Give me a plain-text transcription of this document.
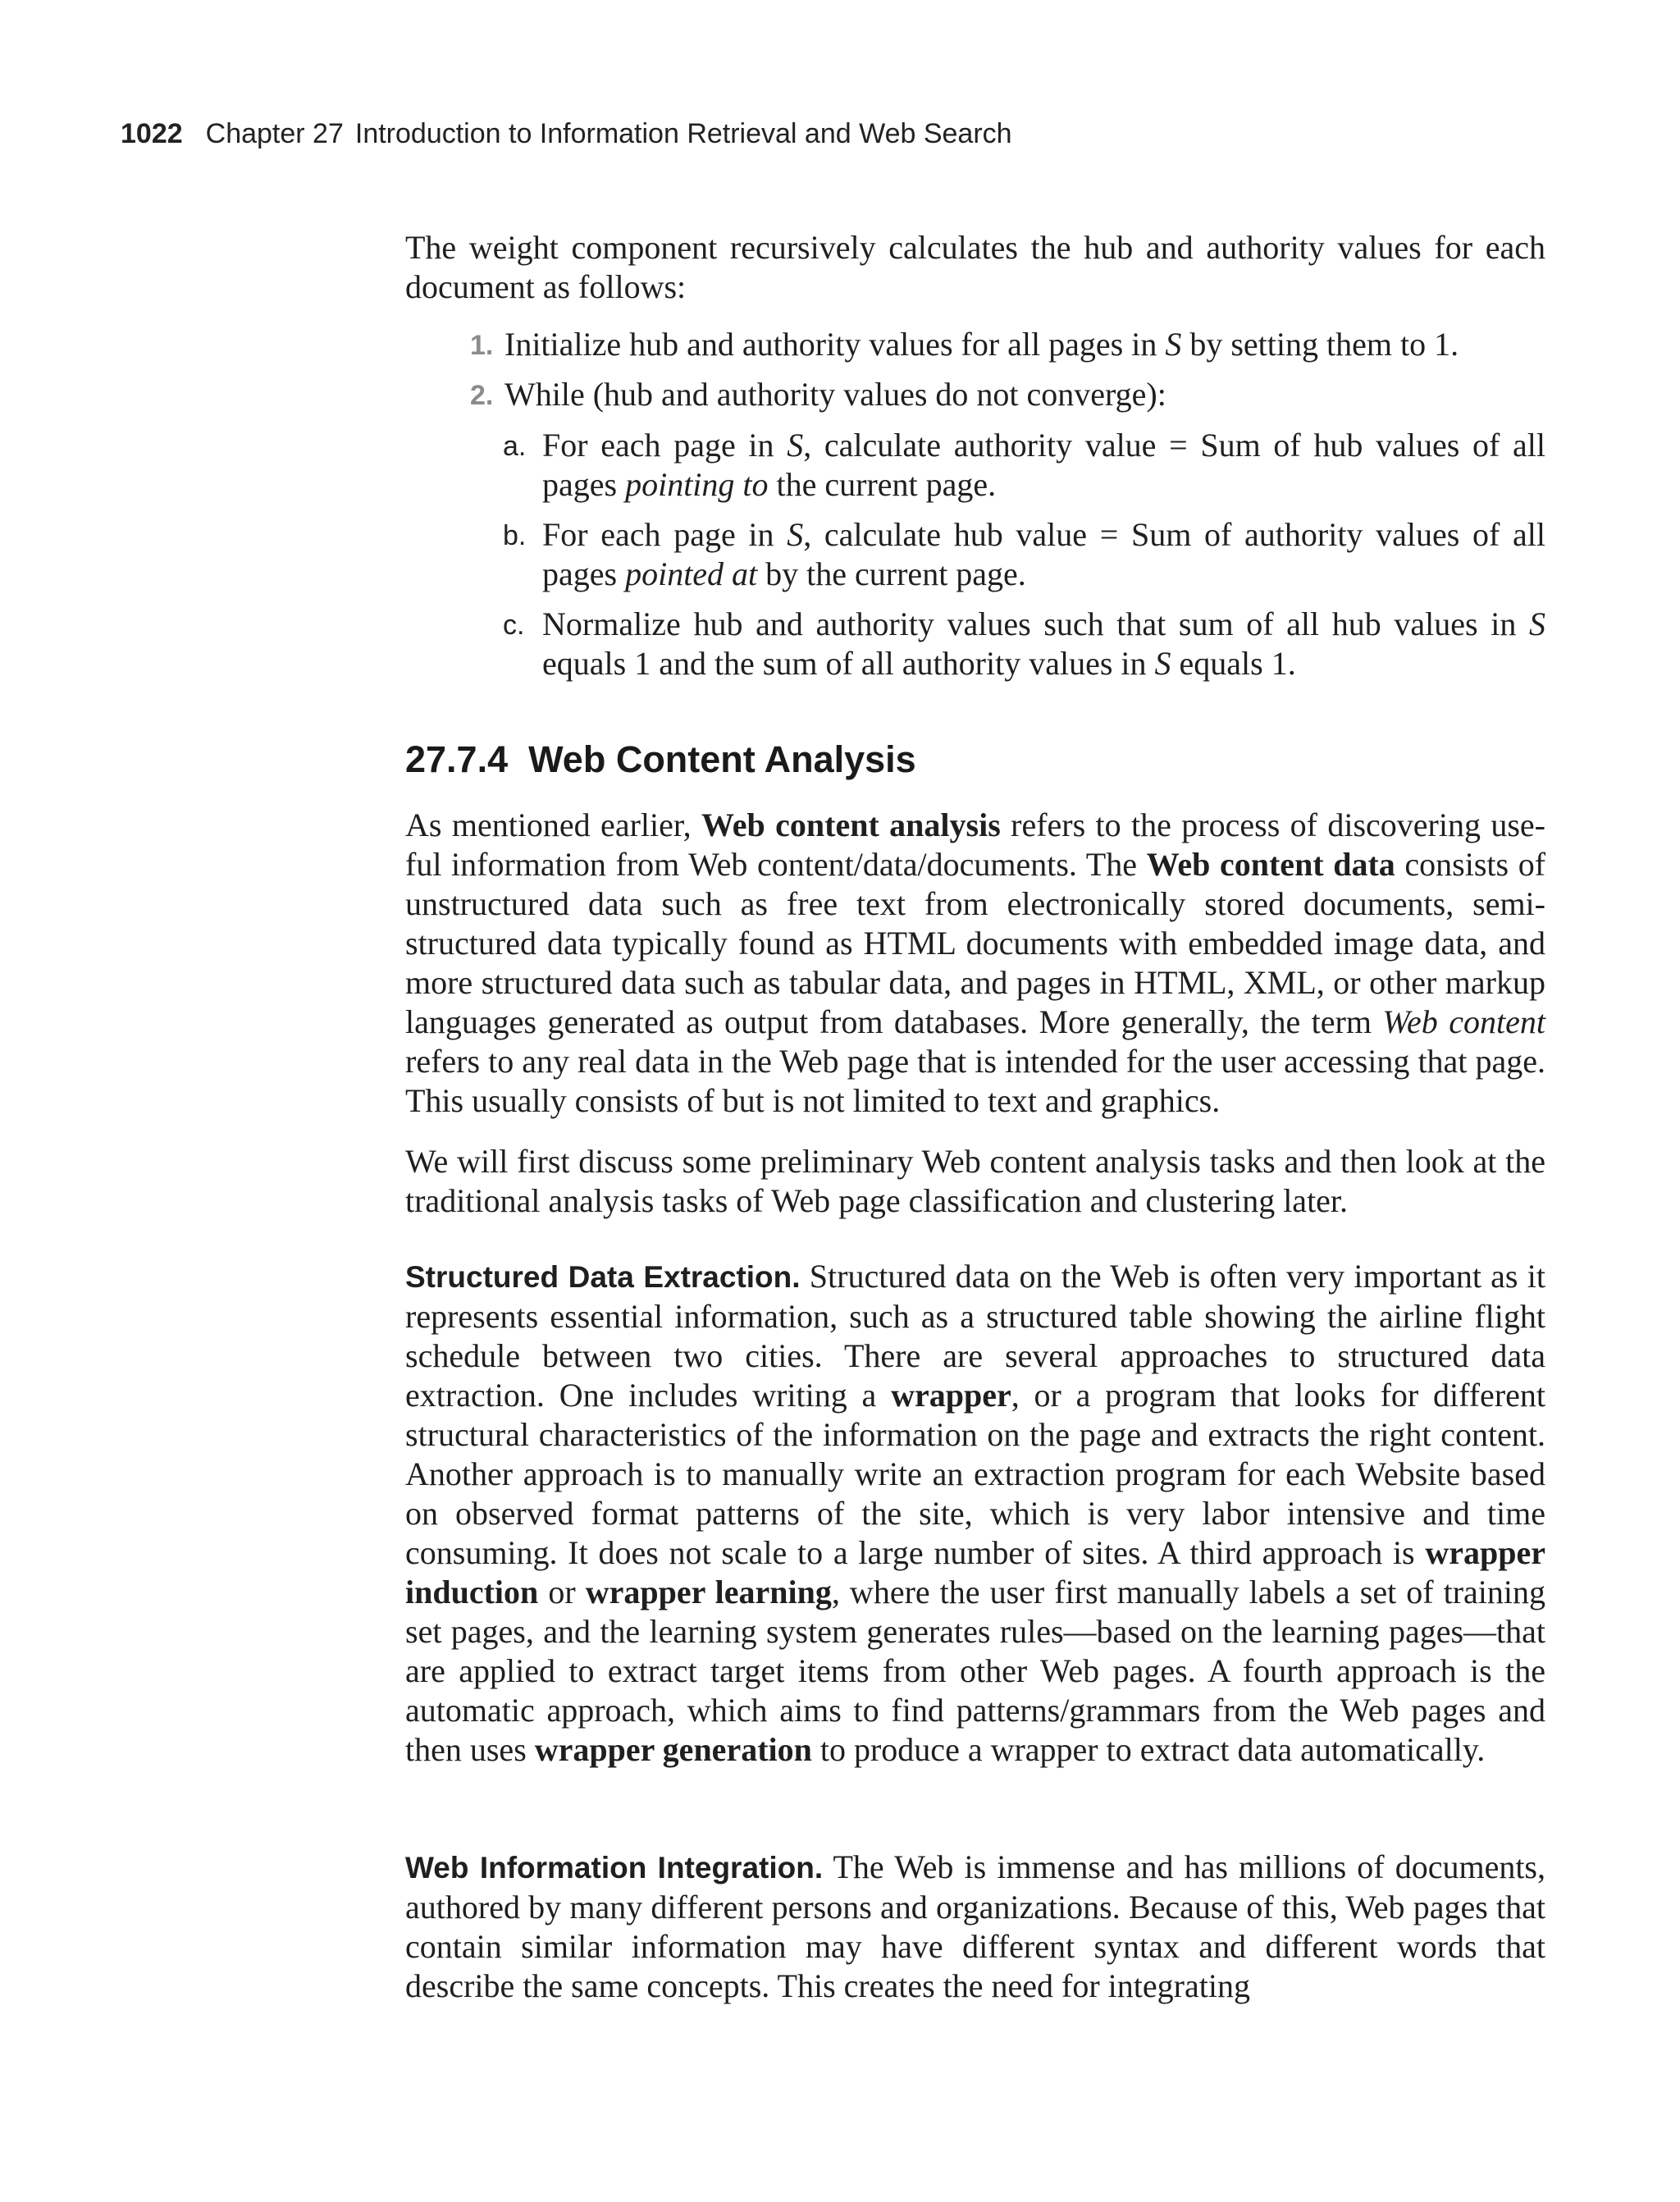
1022 Chapter 27 Introduction to Information Retrieval and Web Search

The weight component recursively calculates the hub and authority values for each document as follows:

1. Initialize hub and authority values for all pages in S by setting them to 1.
2. While (hub and authority values do not converge):
a. For each page in S, calculate authority value = Sum of hub values of all pages pointing to the current page.

b. For each page in S, calculate hub value = Sum of authority values of all pages pointed at by the current page.

c. Normalize hub and authority values such that sum of all hub values in S equals 1 and the sum of all authority values in S equals 1.

27.7.4 Web Content Analysis

As mentioned earlier, Web content analysis refers to the process of discovering useful information from Web content/data/documents. The Web content data consists of unstructured data such as free text from electronically stored documents, semistructured data typically found as HTML documents with embedded image data, and more structured data such as tabular data, and pages in HTML, XML, or other markup languages generated as output from databases. More generally, the term Web content refers to any real data in the Web page that is intended for the user accessing that page. This usually consists of but is not limited to text and graphics.

We will first discuss some preliminary Web content analysis tasks and then look at the traditional analysis tasks of Web page classification and clustering later.

Structured Data Extraction. Structured data on the Web is often very important as it represents essential information, such as a structured table showing the airline flight schedule between two cities. There are several approaches to structured data extraction. One includes writing a wrapper, or a program that looks for different structural characteristics of the information on the page and extracts the right content. Another approach is to manually write an extraction program for each Website based on observed format patterns of the site, which is very labor intensive and time consuming. It does not scale to a large number of sites. A third approach is wrapper induction or wrapper learning, where the user first manually labels a set of training set pages, and the learning system generates rules—based on the learning pages—that are applied to extract target items from other Web pages. A fourth approach is the automatic approach, which aims to find patterns/grammars from the Web pages and then uses wrapper generation to produce a wrapper to extract data automatically.

Web Information Integration. The Web is immense and has millions of documents, authored by many different persons and organizations. Because of this, Web pages that contain similar information may have different syntax and different words that describe the same concepts. This creates the need for integrating
